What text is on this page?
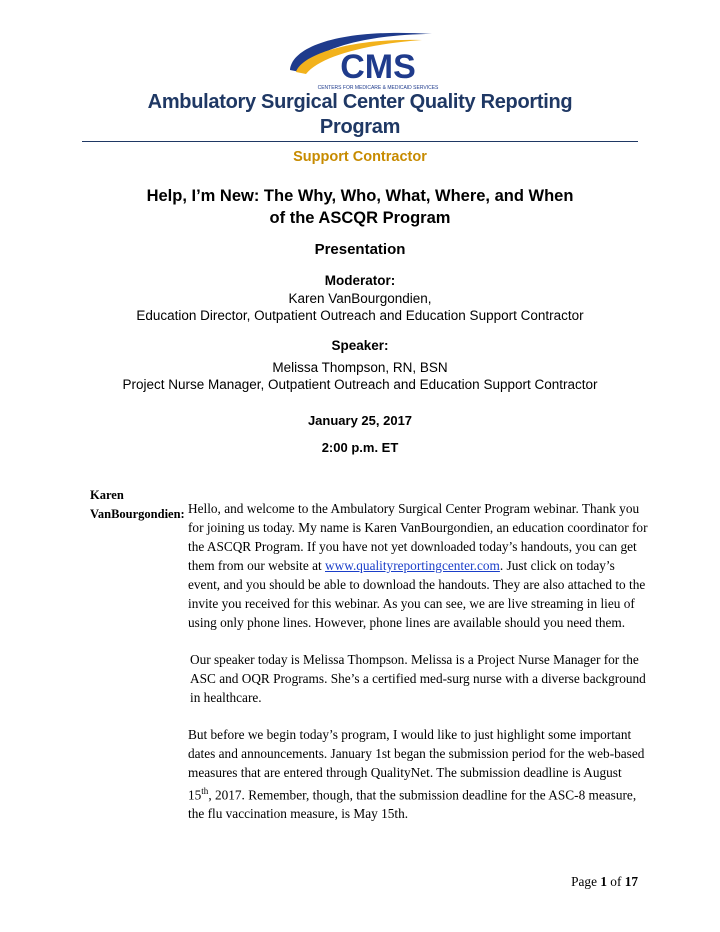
CMS
CENTERS FOR MEDICARE & MEDICAID SERVICES
Ambulatory Surgical Center Quality Reporting
Program
Support Contractor
Help, I’m New: The Why, Who, What, Where, and When
of the ASCQR Program
Presentation
Moderator:
Karen VanBourgondien,
Education Director, Outpatient Outreach and Education Support Contractor
Speaker:
Melissa Thompson, RN, BSN
Project Nurse Manager, Outpatient Outreach and Education Support Contractor
January 25, 2017
2:00 p.m. ET
Karen
VanBourgondien: Hello, and welcome to the Ambulatory Surgical Center Program webinar. Thank you for joining us today. My name is Karen VanBourgondien, an education coordinator for the ASCQR Program. If you have not yet downloaded today’s handouts, you can get them from our website at www.qualityreportingcenter.com. Just click on today’s event, and you should be able to download the handouts. They are also attached to the invite you received for this webinar. As you can see, we are live streaming in lieu of using only phone lines. However, phone lines are available should you need them.

Our speaker today is Melissa Thompson. Melissa is a Project Nurse Manager for the ASC and OQR Programs. She’s a certified med-surg nurse with a diverse background in healthcare.

But before we begin today’s program, I would like to just highlight some important dates and announcements. January 1st began the submission period for the web-based measures that are entered through QualityNet. The submission deadline is August 15th, 2017. Remember, though, that the submission deadline for the ASC-8 measure, the flu vaccination measure, is May 15th.

Page 1 of 17
